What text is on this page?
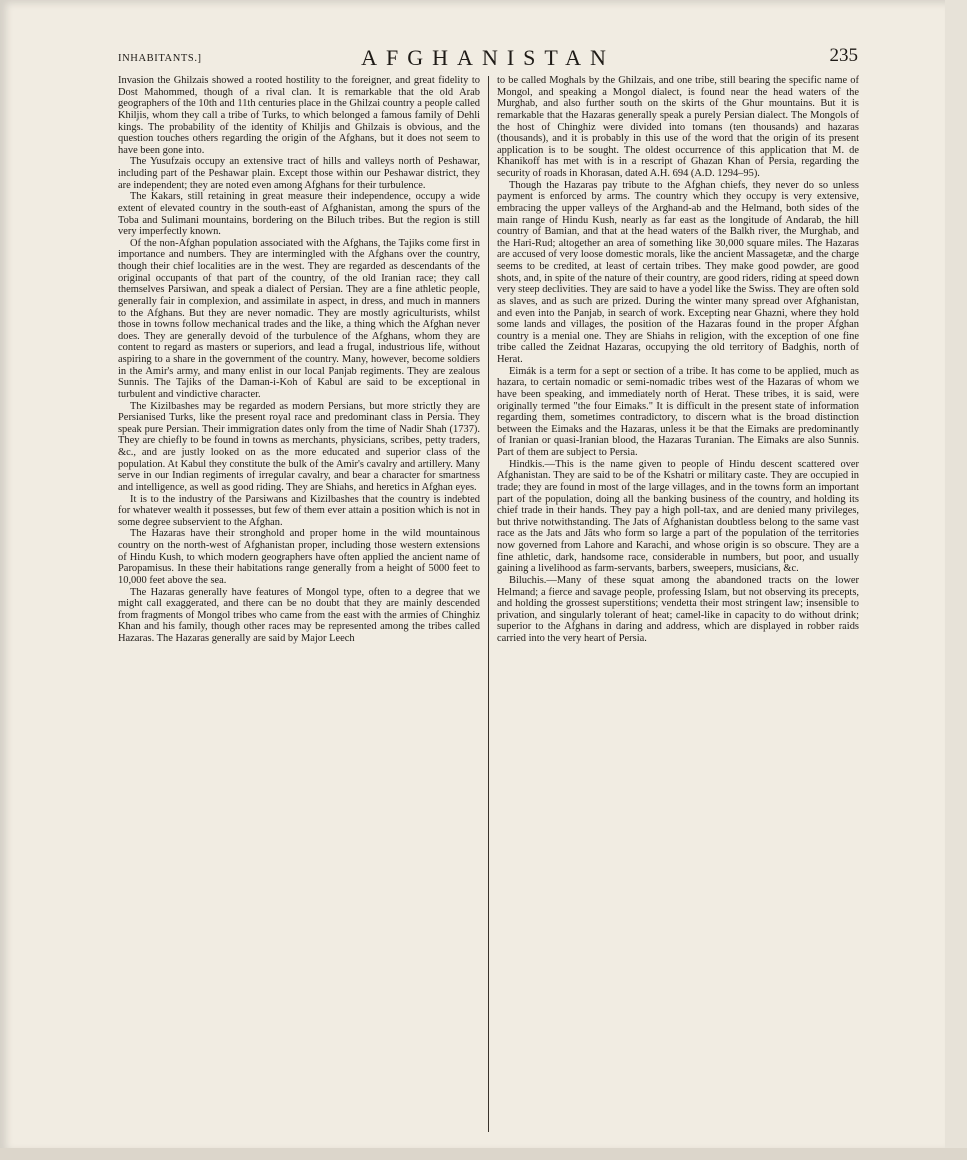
INHABITANTS.]	AFGHANISTAN	235

Invasion the Ghilzais showed a rooted hostility to the foreigner, and great fidelity to Dost Mahommed, though of a rival clan. It is remarkable that the old Arab geographers of the 10th and 11th centuries place in the Ghilzai country a people called Khiljis, whom they call a tribe of Turks, to which belonged a famous family of Dehli kings. The probability of the identity of Khiljis and Ghilzais is obvious, and the question touches others regarding the origin of the Afghans, but it does not seem to have been gone into.

The Yusufzais occupy an extensive tract of hills and valleys north of Peshawar, including part of the Peshawar plain. Except those within our Peshawar district, they are independent; they are noted even among Afghans for their turbulence.

The Kakars, still retaining in great measure their independence, occupy a wide extent of elevated country in the south-east of Afghanistan, among the spurs of the Toba and Sulimani mountains, bordering on the Biluch tribes. But the region is still very imperfectly known.

Of the non-Afghan population associated with the Afghans, the Tajiks come first in importance and numbers. They are intermingled with the Afghans over the country, though their chief localities are in the west. They are regarded as descendants of the original occupants of that part of the country, of the old Iranian race; they call themselves Parsiwan, and speak a dialect of Persian. They are a fine athletic people, generally fair in complexion, and assimilate in aspect, in dress, and much in manners to the Afghans. But they are never nomadic. They are mostly agriculturists, whilst those in towns follow mechanical trades and the like, a thing which the Afghan never does. They are generally devoid of the turbulence of the Afghans, whom they are content to regard as masters or superiors, and lead a frugal, industrious life, without aspiring to a share in the government of the country. Many, however, become soldiers in the Amir's army, and many enlist in our local Panjab regiments. They are zealous Sunnis. The Tajiks of the Daman-i-Koh of Kabul are said to be exceptional in turbulent and vindictive character.

The Kizilbashes may be regarded as modern Persians, but more strictly they are Persianised Turks, like the present royal race and predominant class in Persia. They speak pure Persian. Their immigration dates only from the time of Nadir Shah (1737). They are chiefly to be found in towns as merchants, physicians, scribes, petty traders, &c., and are justly looked on as the more educated and superior class of the population. At Kabul they constitute the bulk of the Amir's cavalry and artillery. Many serve in our Indian regiments of irregular cavalry, and bear a character for smartness and intelligence, as well as good riding. They are Shiahs, and heretics in Afghan eyes.

It is to the industry of the Parsiwans and Kizilbashes that the country is indebted for whatever wealth it possesses, but few of them ever attain a position which is not in some degree subservient to the Afghan.

The Hazaras have their stronghold and proper home in the wild mountainous country on the north-west of Afghanistan proper, including those western extensions of Hindu Kush, to which modern geographers have often applied the ancient name of Paropamisus. In these their habitations range generally from a height of 5000 feet to 10,000 feet above the sea.

The Hazaras generally have features of Mongol type, often to a degree that we might call exaggerated, and there can be no doubt that they are mainly descended from fragments of Mongol tribes who came from the east with the armies of Chinghiz Khan and his family, though other races may be represented among the tribes called Hazaras. The Hazaras generally are said by Major Leech

to be called Moghals by the Ghilzais, and one tribe, still bearing the specific name of Mongol, and speaking a Mongol dialect, is found near the head waters of the Murghab, and also further south on the skirts of the Ghur mountains. But it is remarkable that the Hazaras generally speak a purely Persian dialect. The Mongols of the host of Chinghiz were divided into tomans (ten thousands) and hazaras (thousands), and it is probably in this use of the word that the origin of its present application is to be sought. The oldest occurrence of this application that M. de Khanikoff has met with is in a rescript of Ghazan Khan of Persia, regarding the security of roads in Khorasan, dated A.H. 694 (A.D. 1294–95).

Though the Hazaras pay tribute to the Afghan chiefs, they never do so unless payment is enforced by arms. The country which they occupy is very extensive, embracing the upper valleys of the Arghand-ab and the Helmand, both sides of the main range of Hindu Kush, nearly as far east as the longitude of Andarab, the hill country of Bamian, and that at the head waters of the Balkh river, the Murghab, and the Hari-Rud; altogether an area of something like 30,000 square miles. The Hazaras are accused of very loose domestic morals, like the ancient Massagetæ, and the charge seems to be credited, at least of certain tribes. They make good powder, are good shots, and, in spite of the nature of their country, are good riders, riding at speed down very steep declivities. They are said to have a yodel like the Swiss. They are often sold as slaves, and as such are prized. During the winter many spread over Afghanistan, and even into the Panjab, in search of work. Excepting near Ghazni, where they hold some lands and villages, the position of the Hazaras found in the proper Afghan country is a menial one. They are Shiahs in religion, with the exception of one fine tribe called the Zeidnat Hazaras, occupying the old territory of Badghis, north of Herat.

Eimák is a term for a sept or section of a tribe. It has come to be applied, much as hazara, to certain nomadic or semi-nomadic tribes west of the Hazaras of whom we have been speaking, and immediately north of Herat. These tribes, it is said, were originally termed "the four Eimaks." It is difficult in the present state of information regarding them, sometimes contradictory, to discern what is the broad distinction between the Eimaks and the Hazaras, unless it be that the Eimaks are predominantly of Iranian or quasi-Iranian blood, the Hazaras Turanian. The Eimaks are also Sunnis. Part of them are subject to Persia.

Hindkis.—This is the name given to people of Hindu descent scattered over Afghanistan. They are said to be of the Kshatri or military caste. They are occupied in trade; they are found in most of the large villages, and in the towns form an important part of the population, doing all the banking business of the country, and holding its chief trade in their hands. They pay a high poll-tax, and are denied many privileges, but thrive notwithstanding. The Jats of Afghanistan doubtless belong to the same vast race as the Jats and Jâts who form so large a part of the population of the territories now governed from Lahore and Karachi, and whose origin is so obscure. They are a fine athletic, dark, handsome race, considerable in numbers, but poor, and usually gaining a livelihood as farm-servants, barbers, sweepers, musicians, &c.

Biluchis.—Many of these squat among the abandoned tracts on the lower Helmand; a fierce and savage people, professing Islam, but not observing its precepts, and holding the grossest superstitions; vendetta their most stringent law; insensible to privation, and singularly tolerant of heat; camel-like in capacity to do without drink; superior to the Afghans in daring and address, which are displayed in robber raids carried into the very heart of Persia.
